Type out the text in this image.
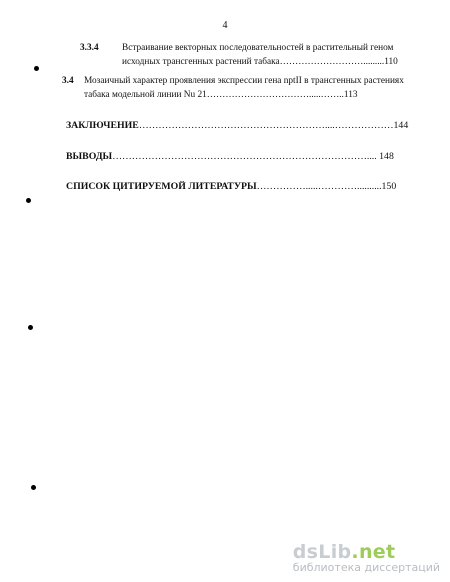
4
3.3.4	Встраивание векторных последовательностей в растительный геном
исходных трансгенных растений табака……………………….........110
3.4 Мозаичный характер проявления экспрессии гена nptII в трансгенных растениях
табака модельной линии Nu 21…………………………….....……..113
ЗАКЛЮЧЕНИЕ…………………………………………………....………………144
ВЫВОДЫ…………………………………………………………………….... 148
СПИСОК ЦИТИРУЕМОЙ ЛИТЕРАТУРЫ…………….....…………..........150
dsLib.net
библиотека диссертаций
